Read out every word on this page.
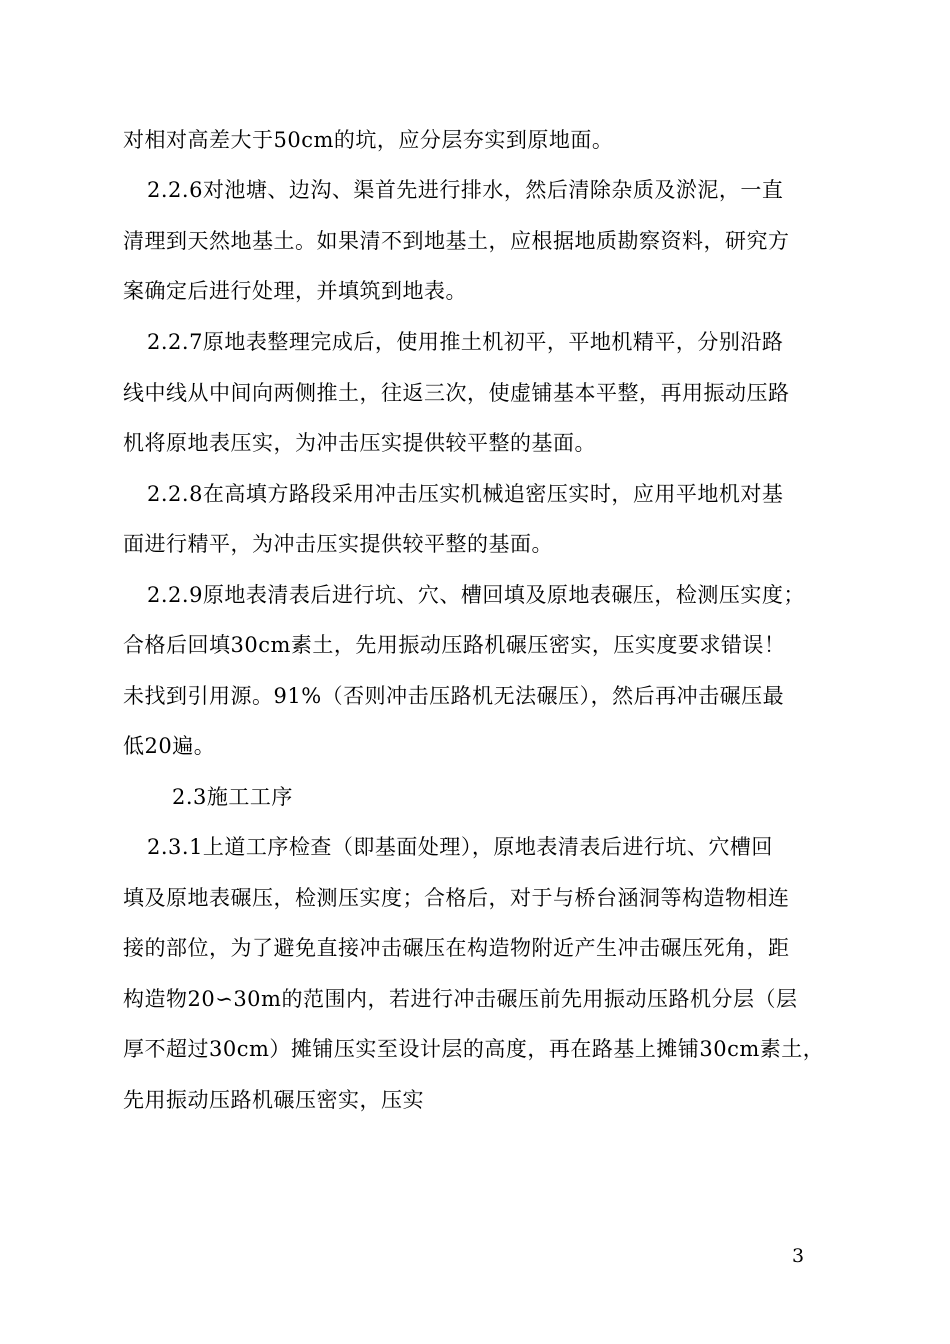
对相对高差大于50cm的坑，应分层夯实到原地面。
2.2.6对池塘、边沟、渠首先进行排水，然后清除杂质及淤泥，一直
清理到天然地基土。如果清不到地基土，应根据地质勘察资料，研究方
案确定后进行处理，并填筑到地表。
2.2.7原地表整理完成后，使用推土机初平，平地机精平，分别沿路
线中线从中间向两侧推土，往返三次，使虚铺基本平整，再用振动压路
机将原地表压实，为冲击压实提供较平整的基面。
2.2.8在高填方路段采用冲击压实机械追密压实时，应用平地机对基
面进行精平，为冲击压实提供较平整的基面。
2.2.9原地表清表后进行坑、穴、槽回填及原地表碾压，检测压实度；
合格后回填30cm素土，先用振动压路机碾压密实，压实度要求错误！
未找到引用源。91%（否则冲击压路机无法碾压），然后再冲击碾压最
低20遍。
2.3施工工序
2.3.1上道工序检查（即基面处理），原地表清表后进行坑、穴槽回
填及原地表碾压，检测压实度；合格后，对于与桥台涵洞等构造物相连
接的部位，为了避免直接冲击碾压在构造物附近产生冲击碾压死角，距
构造物20∽30m的范围内，若进行冲击碾压前先用振动压路机分层（层
厚不超过30cm）摊铺压实至设计层的高度，再在路基上摊铺30cm素土，
先用振动压路机碾压密实，压实
3
